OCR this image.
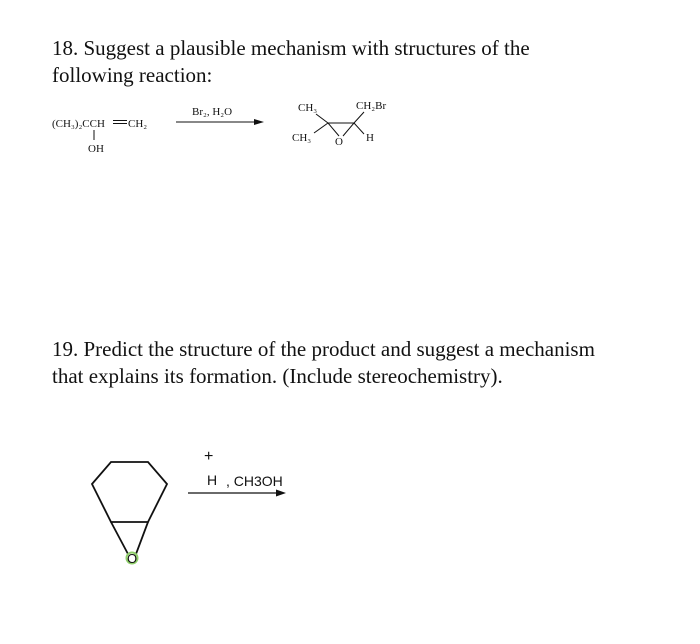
18. Suggest a plausible mechanism with structures of the
following reaction:

(CH₃)₂CCH CH₂
OH
Br₂, H₂O	CH₃	CH₂Br
CH₃ O H
O
+
H , CH3OH

19. Predict the structure of the product and suggest a mechanism
that explains its formation. (Include stereochemistry).
